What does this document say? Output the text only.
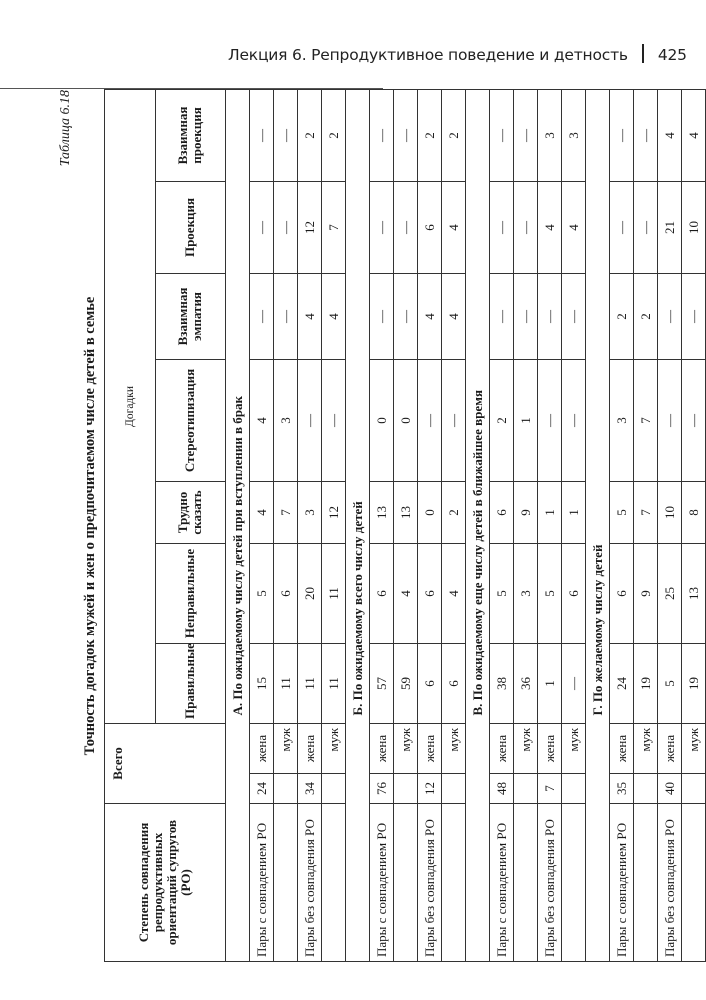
Лекция 6. Репродуктивное поведение и детность 425
Таблица 6.18
Точность догадок мужей и жен о предпочитаемом числе детей в семье
Степень совпадения репродуктивных ориентаций супругов (РО)	Всего		Догадки						
			Правильные	Неправильные	Трудно сказать	Стереотипизация	Взаимная эмпатия	Проекция	Взаимная проекция
			А. По ожидаемому числу детей при вступлении в брак						
Пары с совпадением РО	24	жена	15	5	4	4	—	—	—
		муж	11	6	7	3	—	—	—
Пары без совпадения РО	34	жена	11	20	3	—	4	12	2
		муж	11	11	12	—	4	7	2
			Б. По ожидаемому всего числу детей						
Пары с совпадением РО	76	жена	57	6	13	0	—	—	—
		муж	59	4	13	0	—	—	—
Пары без совпадения РО	12	жена	6	6	0	—	4	6	2
		муж	6	4	2	—	4	4	2
			В. По ожидаемому еще числу детей в ближайшее время						
Пары с совпадением РО	48	жена	38	5	6	2	—	—	—
		муж	36	3	9	1	—	—	—
Пары без совпадения РО	7	жена	1	5	1	—	—	4	3
		муж	—	6	1	—	—	4	3
			Г. По желаемому числу детей						
Пары с совпадением РО	35	жена	24	6	5	3	2	—	—
		муж	19	9	7	7	2	—	—
Пары без совпадения РО	40	жена	5	25	10	—	—	21	4
		муж	19	13	8	—	—	10	4
